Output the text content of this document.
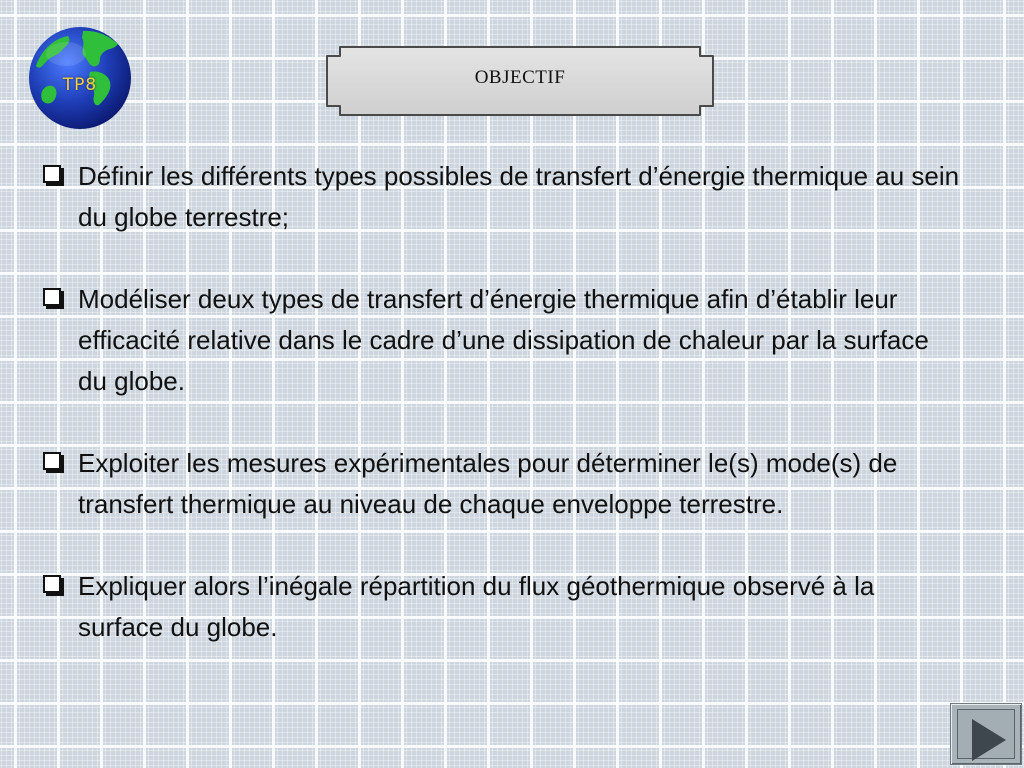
TP8	OBJECTIF
Définir les différents types possibles de transfert d’énergie thermique au sein du globe terrestre;
Modéliser deux types de transfert d’énergie thermique afin d’établir leur efficacité relative dans le cadre d’une dissipation de chaleur par la surface du globe.
Exploiter les mesures expérimentales pour déterminer le(s) mode(s) de transfert thermique au niveau de chaque enveloppe terrestre.
Expliquer alors l’inégale répartition du flux géothermique observé à la surface du globe.
